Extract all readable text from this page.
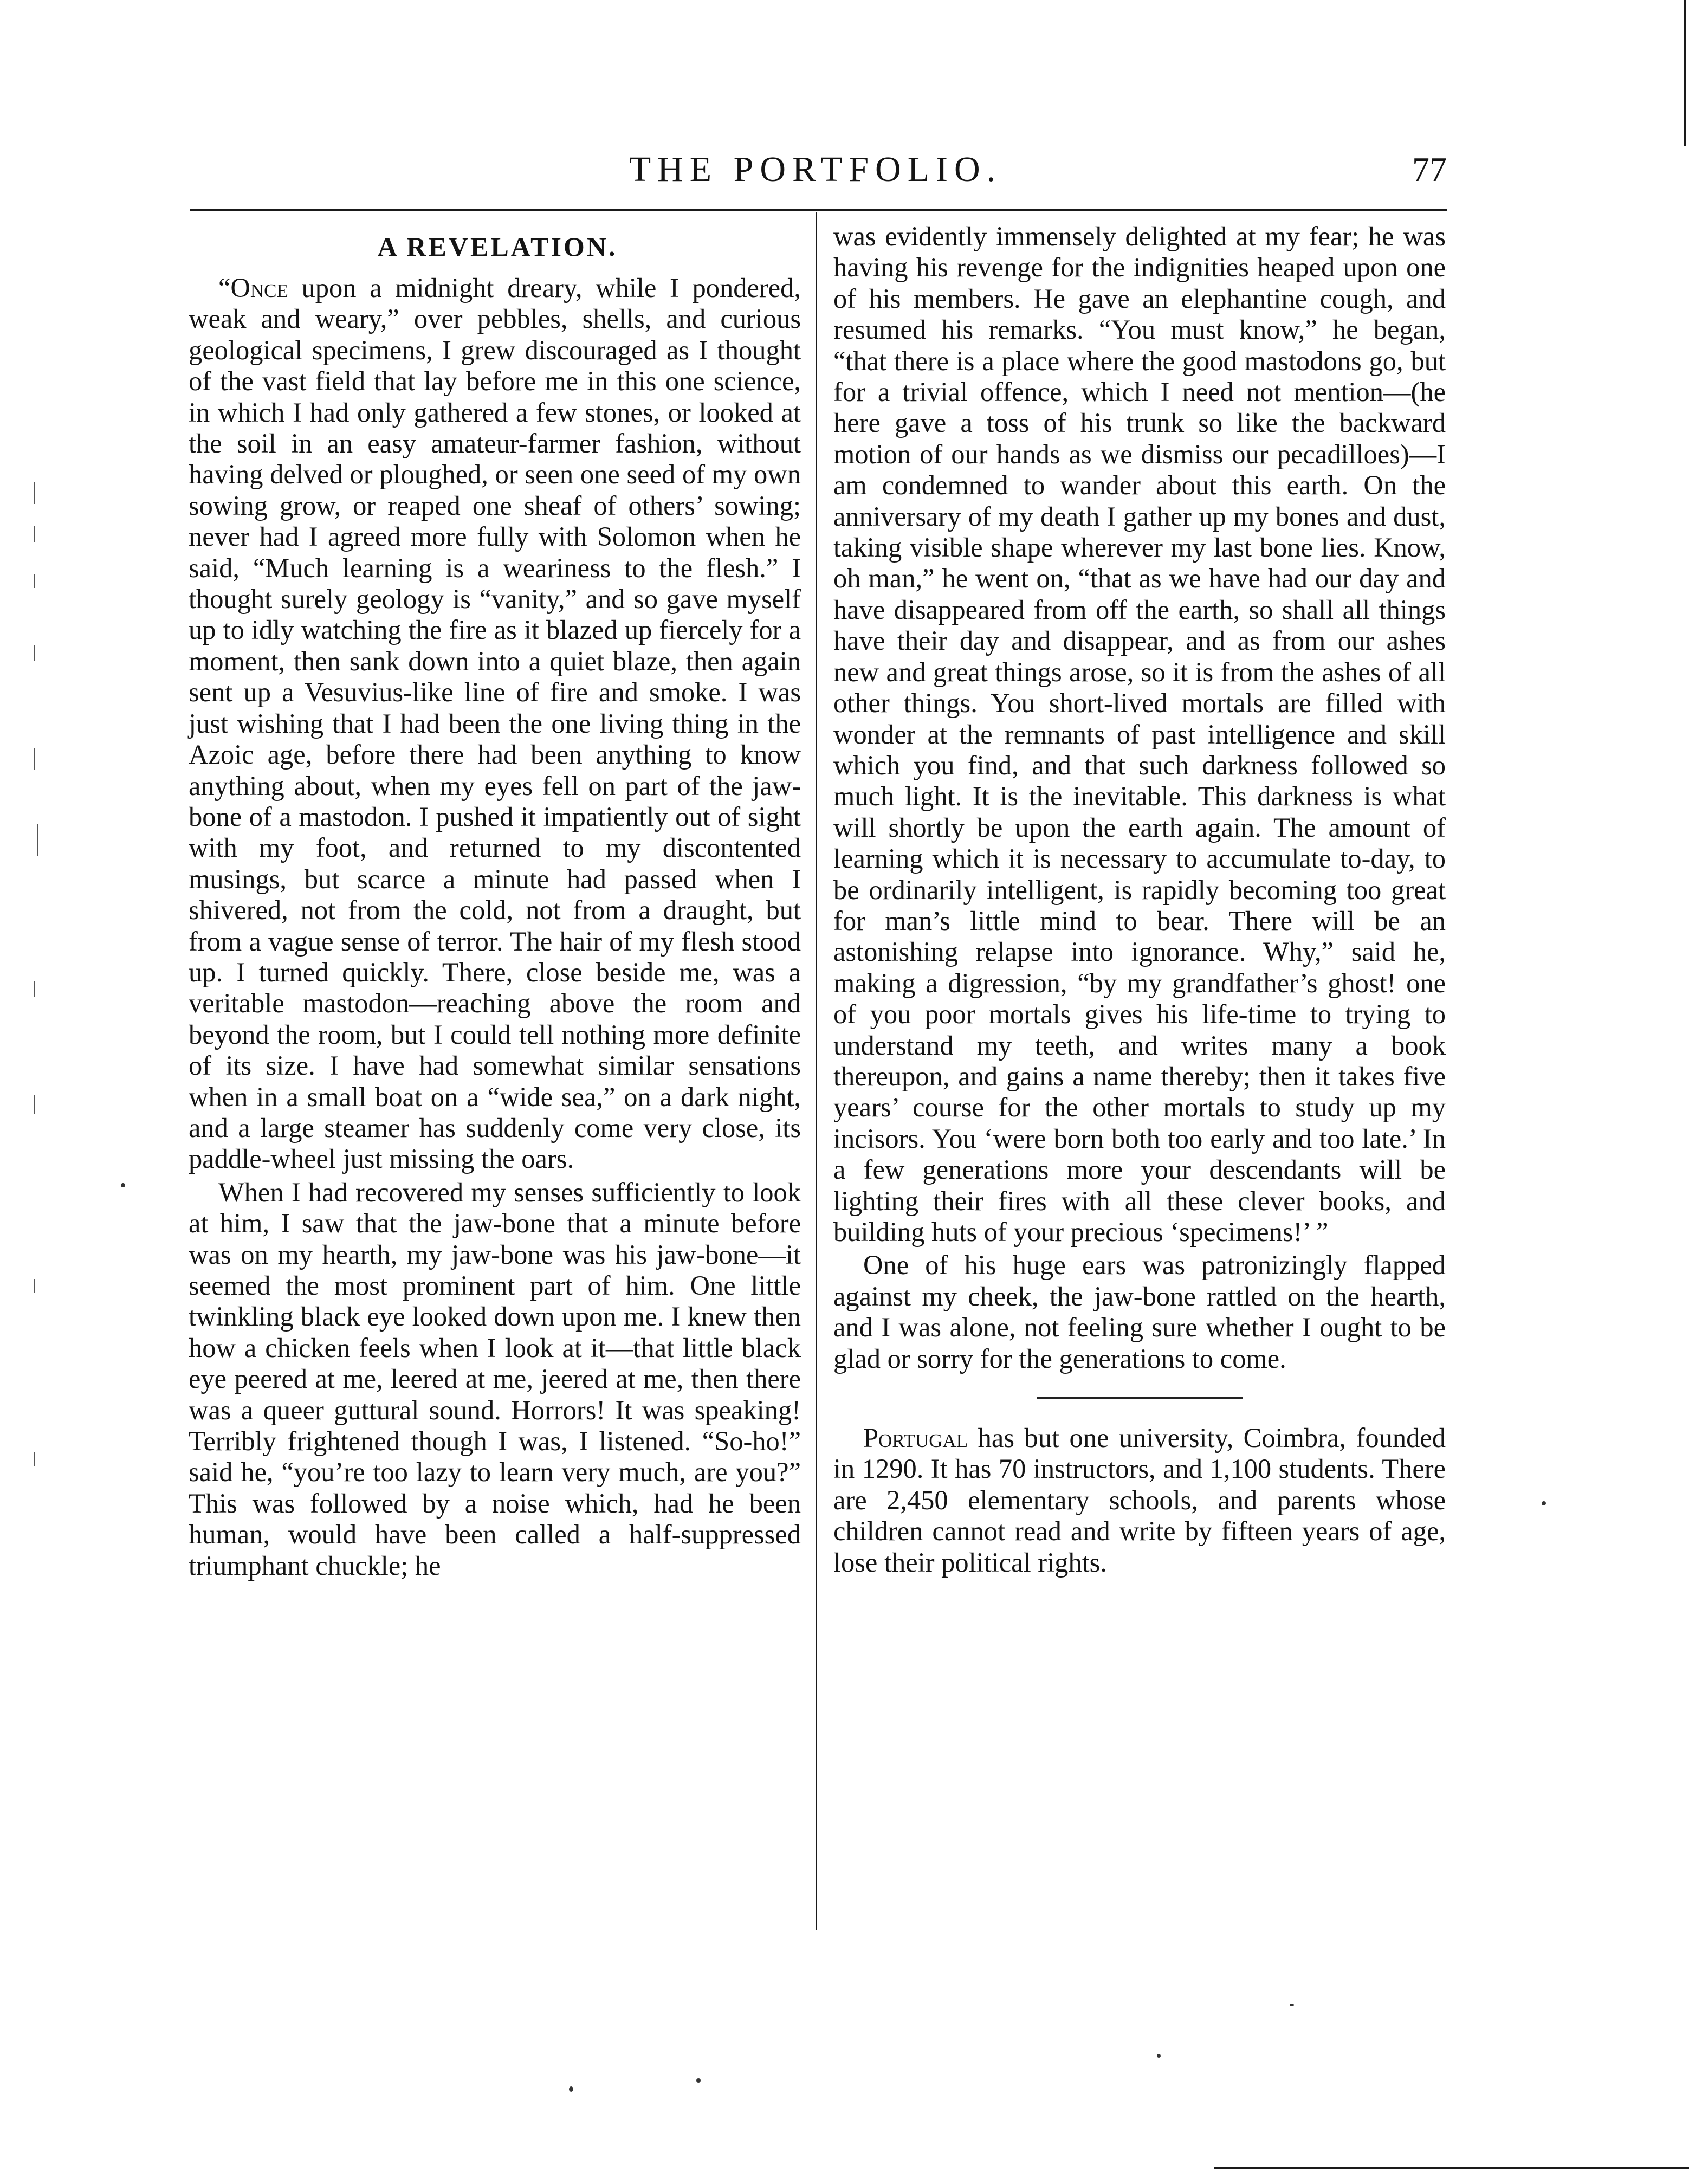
THE PORTFOLIO.	77
A REVELATION.

“Once upon a midnight dreary, while I pondered, weak and weary,” over pebbles, shells, and curious geological specimens, I grew discouraged as I thought of the vast field that lay before me in this one science, in which I had only gathered a few stones, or looked at the soil in an easy amateur-farmer fashion, without having delved or ploughed, or seen one seed of my own sowing grow, or reaped one sheaf of others’ sowing; never had I agreed more fully with Solomon when he said, “Much learning is a weariness to the flesh.” I thought surely geology is “vanity,” and so gave myself up to idly watching the fire as it blazed up fiercely for a moment, then sank down into a quiet blaze, then again sent up a Vesuvius-like line of fire and smoke. I was just wishing that I had been the one living thing in the Azoic age, before there had been anything to know anything about, when my eyes fell on part of the jaw-bone of a mastodon. I pushed it impatiently out of sight with my foot, and returned to my discontented musings, but scarce a minute had passed when I shivered, not from the cold, not from a draught, but from a vague sense of terror. The hair of my flesh stood up. I turned quickly. There, close beside me, was a veritable mastodon—reaching above the room and beyond the room, but I could tell nothing more definite of its size. I have had somewhat similar sensations when in a small boat on a “wide sea,” on a dark night, and a large steamer has suddenly come very close, its paddle-wheel just missing the oars.

When I had recovered my senses sufficiently to look at him, I saw that the jaw-bone that a minute before was on my hearth, my jaw-bone was his jaw-bone—it seemed the most prominent part of him. One little twinkling black eye looked down upon me. I knew then how a chicken feels when I look at it—that little black eye peered at me, leered at me, jeered at me, then there was a queer guttural sound. Horrors! It was speaking! Terribly frightened though I was, I listened. “So-ho!” said he, “you’re too lazy to learn very much, are you?” This was followed by a noise which, had he been human, would have been called a half-suppressed triumphant chuckle; he

was evidently immensely delighted at my fear; he was having his revenge for the indignities heaped upon one of his members. He gave an elephantine cough, and resumed his remarks. “You must know,” he began, “that there is a place where the good mastodons go, but for a trivial offence, which I need not mention—(he here gave a toss of his trunk so like the backward motion of our hands as we dismiss our pecadilloes)—I am condemned to wander about this earth. On the anniversary of my death I gather up my bones and dust, taking visible shape wherever my last bone lies. Know, oh man,” he went on, “that as we have had our day and have disappeared from off the earth, so shall all things have their day and disappear, and as from our ashes new and great things arose, so it is from the ashes of all other things. You short-lived mortals are filled with wonder at the remnants of past intelligence and skill which you find, and that such darkness followed so much light. It is the inevitable. This darkness is what will shortly be upon the earth again. The amount of learning which it is necessary to accumulate to-day, to be ordinarily intelligent, is rapidly becoming too great for man’s little mind to bear. There will be an astonishing relapse into ignorance. Why,” said he, making a digression, “by my grandfather’s ghost! one of you poor mortals gives his life-time to trying to understand my teeth, and writes many a book thereupon, and gains a name thereby; then it takes five years’ course for the other mortals to study up my incisors. You ‘were born both too early and too late.’ In a few generations more your descendants will be lighting their fires with all these clever books, and building huts of your precious ‘specimens!’ ”

One of his huge ears was patronizingly flapped against my cheek, the jaw-bone rattled on the hearth, and I was alone, not feeling sure whether I ought to be glad or sorry for the generations to come.

Portugal has but one university, Coimbra, founded in 1290. It has 70 instructors, and 1,100 students. There are 2,450 elementary schools, and parents whose children cannot read and write by fifteen years of age, lose their political rights.
